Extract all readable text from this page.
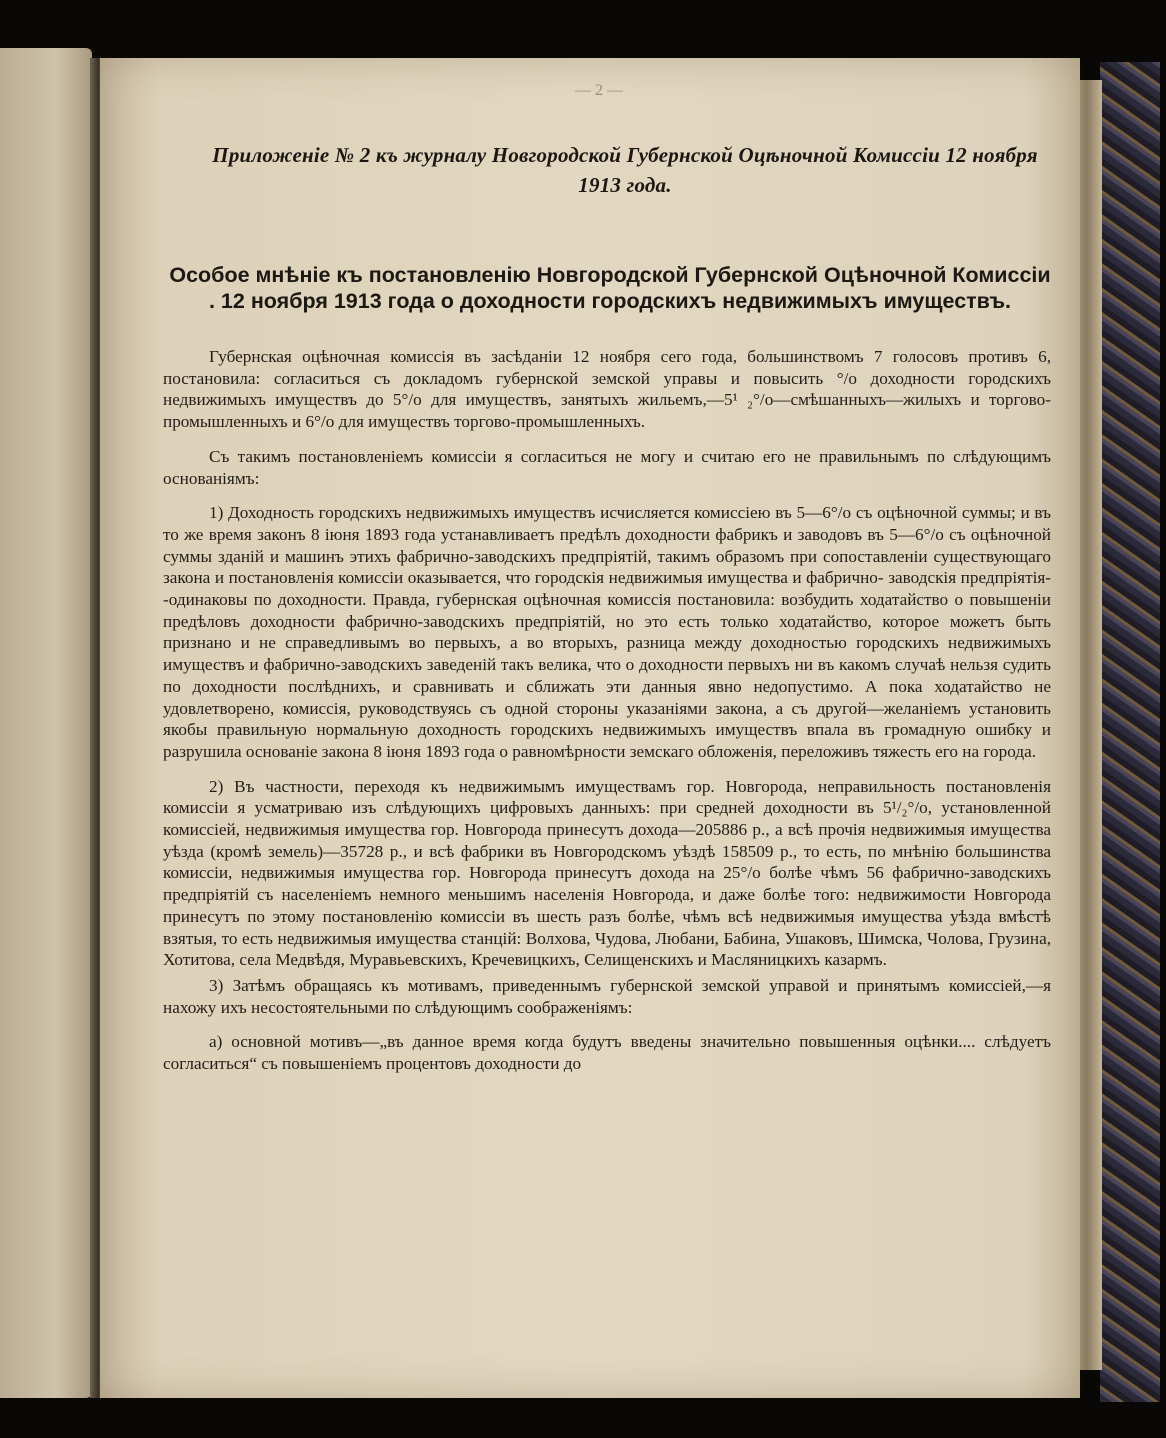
— 2 —
Приложеніе № 2 къ журналу Новгородской Губернской Оцѣночной Комиссіи 12 ноября 1913 года.
Особое мнѣніе къ постановленію Новгородской Губернской Оцѣночной Комиссіи
. 12 ноября 1913 года о доходности городскихъ недвижимыхъ имуществъ.

Губернская оцѣночная комиссія въ засѣданіи 12 ноября сего года, большинствомъ 7 голосовъ противъ 6, постановила: согласиться съ докладомъ губернской земской управы и повысить °/о доходности городскихъ недвижимыхъ имуществъ до 5°/о для имуществъ, занятыхъ жильемъ,—5¹ ₂°/о—смѣшанныхъ—жилыхъ и торгово-промышленныхъ и 6°/о для имуществъ торгово-промышленныхъ.

Съ такимъ постановленіемъ комиссіи я согласиться не могу и считаю его не правильнымъ по слѣдующимъ основаніямъ:

1) Доходность городскихъ недвижимыхъ имуществъ исчисляется комиссіею въ 5—6°/о съ оцѣночной суммы; и въ то же время законъ 8 іюня 1893 года устанавливаетъ предѣлъ доходности фабрикъ и заводовъ въ 5—6°/о съ оцѣночной суммы зданій и машинъ этихъ фабрично-заводскихъ предпріятій, такимъ образомъ при сопоставленіи существующаго закона и постановленія комиссіи оказывается, что городскія недвижимыя имущества и фабрично- заводскія предпріятія--одинаковы по доходности. Правда, губернская оцѣночная комиссія постановила: возбудить ходатайство о повышеніи предѣловъ доходности фабрично-заводскихъ предпріятій, но это есть только ходатайство, которое можетъ быть признано и не справедливымъ во первыхъ, а во вторыхъ, разница между доходностью городскихъ недвижимыхъ имуществъ и фабрично-заводскихъ заведеній такъ велика, что о доходности первыхъ ни въ какомъ случаѣ нельзя судить по доходности послѣднихъ, и сравнивать и сближать эти данныя явно недопустимо. А пока ходатайство не удовлетворено, комиссія, руководствуясь съ одной стороны указаніями закона, а съ другой—желаніемъ установить якобы правильную нормальную доходность городскихъ недвижимыхъ имуществъ впала въ громадную ошибку и разрушила основаніе закона 8 іюня 1893 года о равномѣрности земскаго обложенія, переложивъ тяжесть его на города.

2) Въ частности, переходя къ недвижимымъ имуществамъ гор. Новгорода, неправильность постановленія комиссіи я усматриваю изъ слѣдующихъ цифровыхъ данныхъ: при средней доходности въ 5¹/₂°/о, установленной комиссіей, недвижимыя имущества гор. Новгорода принесутъ дохода—205886 р., а всѣ прочія недвижимыя имущества уѣзда (кромѣ земель)—35728 р., и всѣ фабрики въ Новгородскомъ уѣздѣ 158509 р., то есть, по мнѣнію большинства комиссіи, недвижимыя имущества гор. Новгорода принесутъ дохода на 25°/о болѣе чѣмъ 56 фабрично-заводскихъ предпріятій съ населеніемъ немного меньшимъ населенія Новгорода, и даже болѣе того: недвижимости Новгорода принесутъ по этому постановленію комиссіи въ шесть разъ болѣе, чѣмъ всѣ недвижимыя имущества уѣзда вмѣстѣ взятыя, то есть недвижимыя имущества станцій: Волхова, Чудова, Любани, Бабина, Ушаковъ, Шимска, Чолова, Грузина, Хотитова, села Медвѣдя, Муравьевскихъ, Кречевицкихъ, Селищенскихъ и Масляницкихъ казармъ.

3) Затѣмъ обращаясь къ мотивамъ, приведеннымъ губернской земской управой и принятымъ комиссіей,—я нахожу ихъ несостоятельными по слѣдующимъ соображеніямъ:

а) основной мотивъ—„въ данное время когда будутъ введены значительно повышенныя оцѣнки.... слѣдуетъ согласиться“ съ повышеніемъ процентовъ доходности до
